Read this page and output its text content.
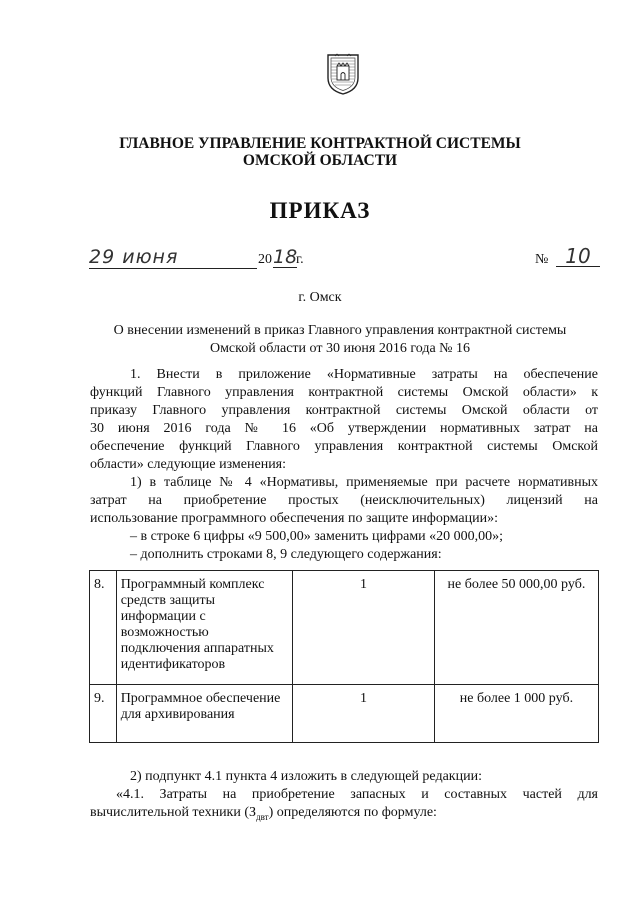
ГЛАВНОЕ УПРАВЛЕНИЕ КОНТРАКТНОЙ СИСТЕМЫ
ОМСКОЙ ОБЛАСТИ
ПРИКАЗ
29 июня	20 18
г.	№ 10
г. Омск
О внесении изменений в приказ Главного управления контрактной системы
Омской области от 30 июня 2016 года № 16
1. Внести в приложение «Нормативные затраты на обеспечение
функций Главного управления контрактной системы Омской области» к
приказу Главного управления контрактной системы Омской области от
30 июня 2016 года № 16 «Об утверждении нормативных затрат на
обеспечение функций Главного управления контрактной системы Омской
области» следующие изменения:
1) в таблице № 4 «Нормативы, применяемые при расчете нормативных
затрат на приобретение простых (неисключительных) лицензий на
использование программного обеспечения по защите информации»:
– в строке 6 цифры «9 500,00» заменить цифрами «20 000,00»;
– дополнить строками 8, 9 следующего содержания:
8.	Программный комплекс средств защиты информации с возможностью подключения аппаратных идентификаторов	1	не более 50 000,00 руб.
9.	Программное обеспечение для архивирования	1	не более 1 000 руб.
2) подпункт 4.1 пункта 4 изложить в следующей редакции:
«4.1. Затраты на приобретение запасных и составных частей для
вычислительной техники $(З_{двт})$ определяются по формуле:
